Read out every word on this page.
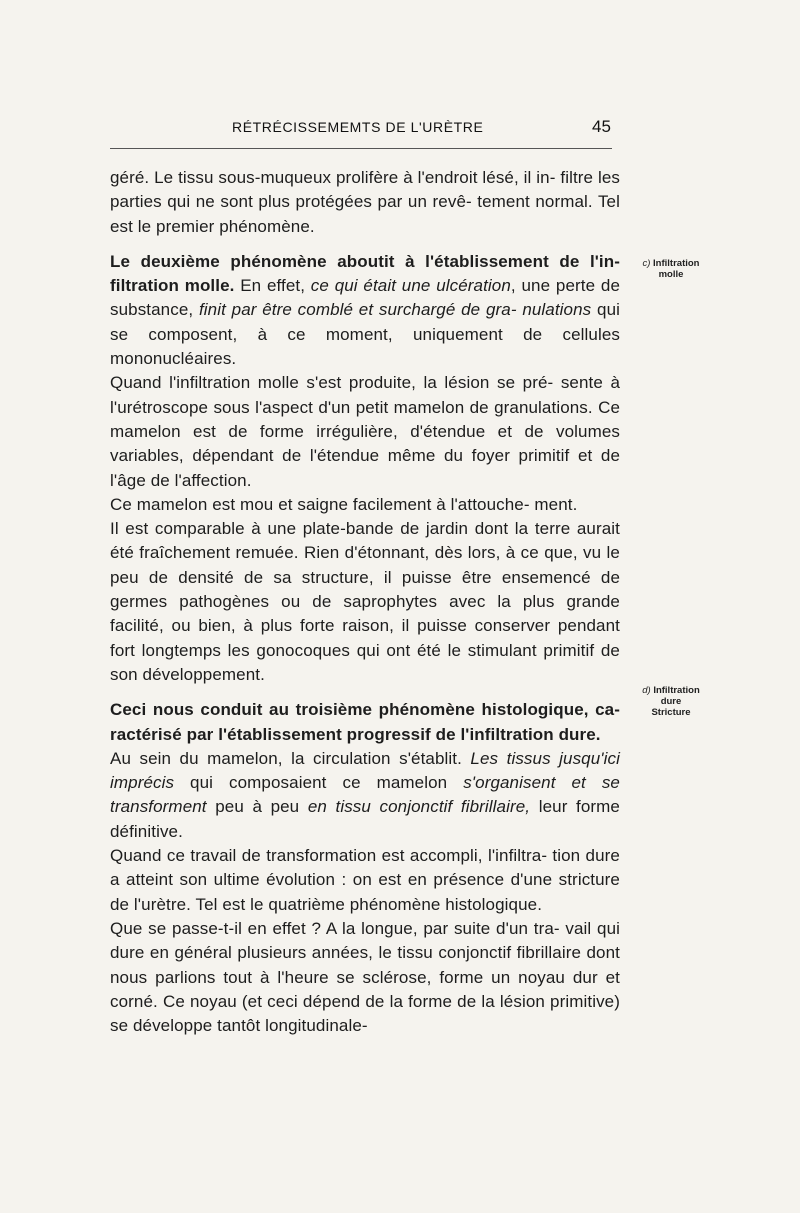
RÉTRÉCISSEMEMTS DE L'URÈTRE	45

géré. Le tissu sous-muqueux prolifère à l'endroit lésé, il in- filtre les parties qui ne sont plus protégées par un revê- tement normal. Tel est le premier phénomène.

Le deuxième phénomène aboutit à l'établissement de l'in- filtration molle. En effet, ce qui était une ulcération, une perte de substance, finit par être comblé et surchargé de gra- nulations qui se composent, à ce moment, uniquement de cellules mononucléaires.

Quand l'infiltration molle s'est produite, la lésion se pré- sente à l'urétroscope sous l'aspect d'un petit mamelon de granulations. Ce mamelon est de forme irrégulière, d'étendue et de volumes variables, dépendant de l'étendue même du foyer primitif et de l'âge de l'affection.

Ce mamelon est mou et saigne facilement à l'attouche- ment.

Il est comparable à une plate-bande de jardin dont la terre aurait été fraîchement remuée. Rien d'étonnant, dès lors, à ce que, vu le peu de densité de sa structure, il puisse être ensemencé de germes pathogènes ou de saprophytes avec la plus grande facilité, ou bien, à plus forte raison, il puisse conserver pendant fort longtemps les gonocoques qui ont été le stimulant primitif de son développement.

Ceci nous conduit au troisième phénomène histologique, ca- ractérisé par l'établissement progressif de l'infiltration dure.

Au sein du mamelon, la circulation s'établit. Les tissus jusqu'ici imprécis qui composaient ce mamelon s'organisent et se transforment peu à peu en tissu conjonctif fibrillaire, leur forme définitive.

Quand ce travail de transformation est accompli, l'infiltra- tion dure a atteint son ultime évolution : on est en présence d'une stricture de l'urètre. Tel est le quatrième phénomène histologique.

Que se passe-t-il en effet ? A la longue, par suite d'un tra- vail qui dure en général plusieurs années, le tissu conjonctif fibrillaire dont nous parlions tout à l'heure se sclérose, forme un noyau dur et corné. Ce noyau (et ceci dépend de la forme de la lésion primitive) se développe tantôt longitudinale-

c) Infiltration
molle
d) Infiltration
dure
Stricture
